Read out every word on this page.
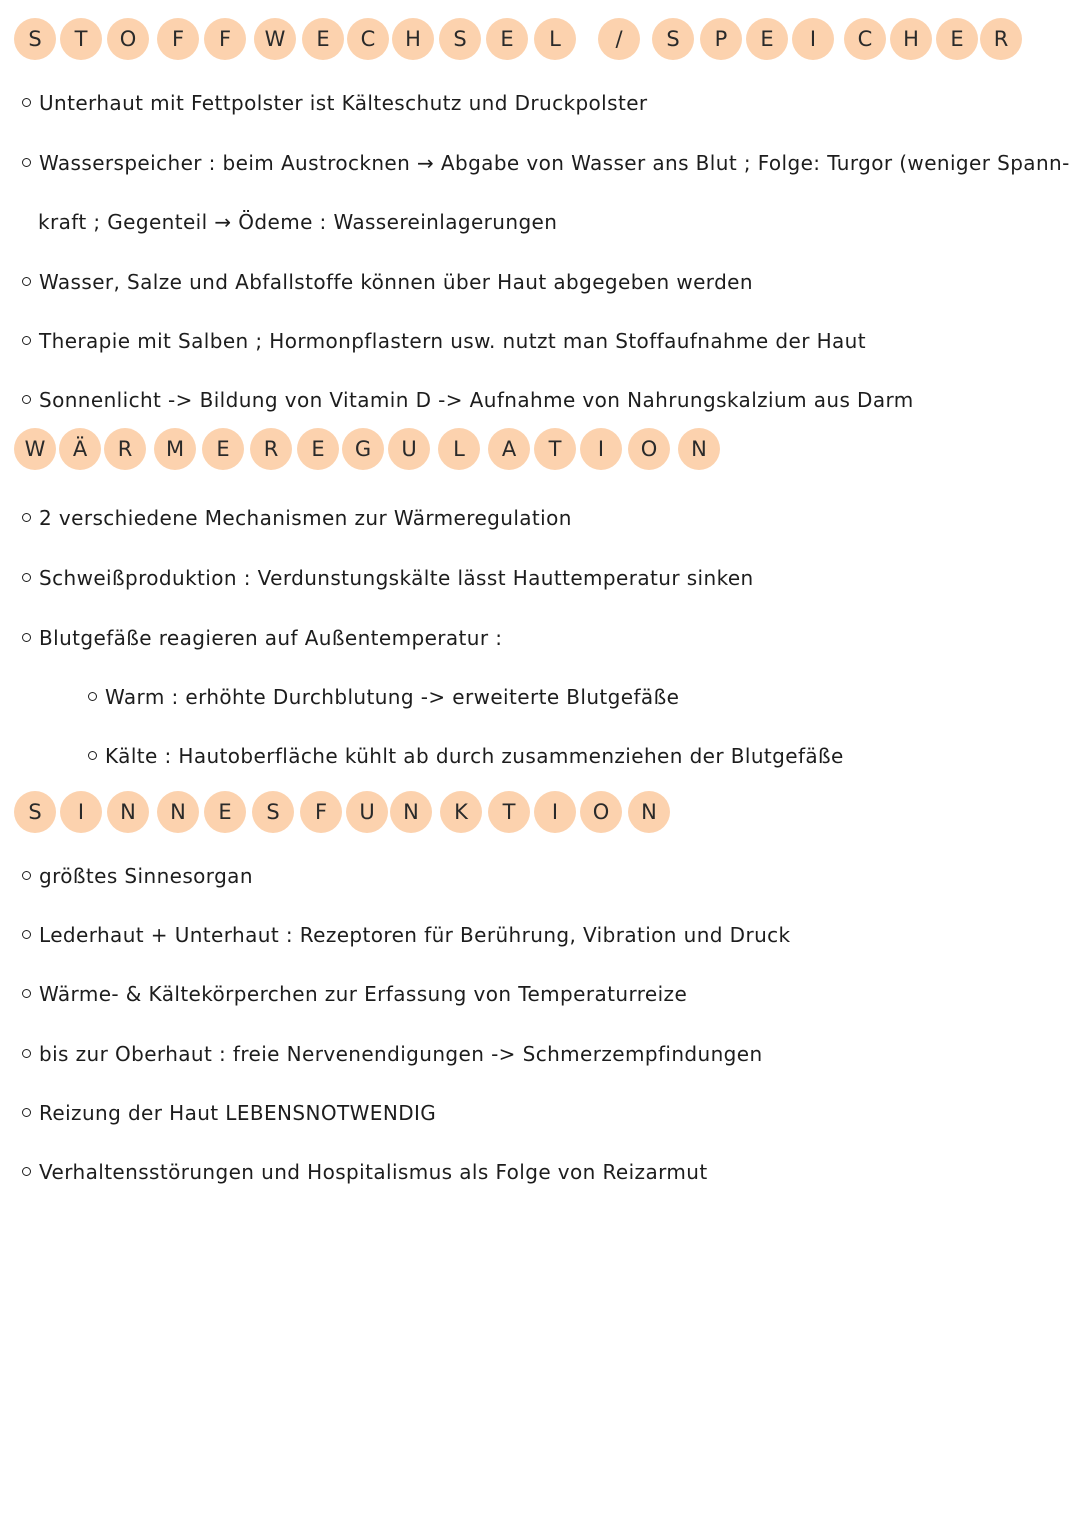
S	T	O	F	F	W	E	C	H	S	E	L	/	S	P	E	I	C	H	E	R

Unterhaut mit Fettpolster ist Kälteschutz und Druckpolster

Wasserspeicher : beim Austrocknen → Abgabe von Wasser ans Blut ; Folge: Turgor (weniger Spann-

kraft ; Gegenteil → Ödeme : Wassereinlagerungen

Wasser, Salze und Abfallstoffe können über Haut abgegeben werden

Therapie mit Salben ; Hormonpflastern usw. nutzt man Stoffaufnahme der Haut

Sonnenlicht -> Bildung von Vitamin D -> Aufnahme von Nahrungskalzium aus Darm

W	Ä	R	M	E	R	E	G	U	L	A	T	I	O	N

2 verschiedene Mechanismen zur Wärmeregulation

Schweißproduktion : Verdunstungskälte lässt Hauttemperatur sinken

Blutgefäße reagieren auf Außentemperatur :

Warm : erhöhte Durchblutung -> erweiterte Blutgefäße

Kälte : Hautoberfläche kühlt ab durch zusammenziehen der Blutgefäße

S	I	N	N	E	S	F	U	N	K	T	I	O	N

größtes Sinnesorgan

Lederhaut + Unterhaut : Rezeptoren für Berührung, Vibration und Druck

Wärme- & Kältekörperchen zur Erfassung von Temperaturreize

bis zur Oberhaut : freie Nervenendigungen -> Schmerzempfindungen

Reizung der Haut LEBENSNOTWENDIG

Verhaltensstörungen und Hospitalismus als Folge von Reizarmut
